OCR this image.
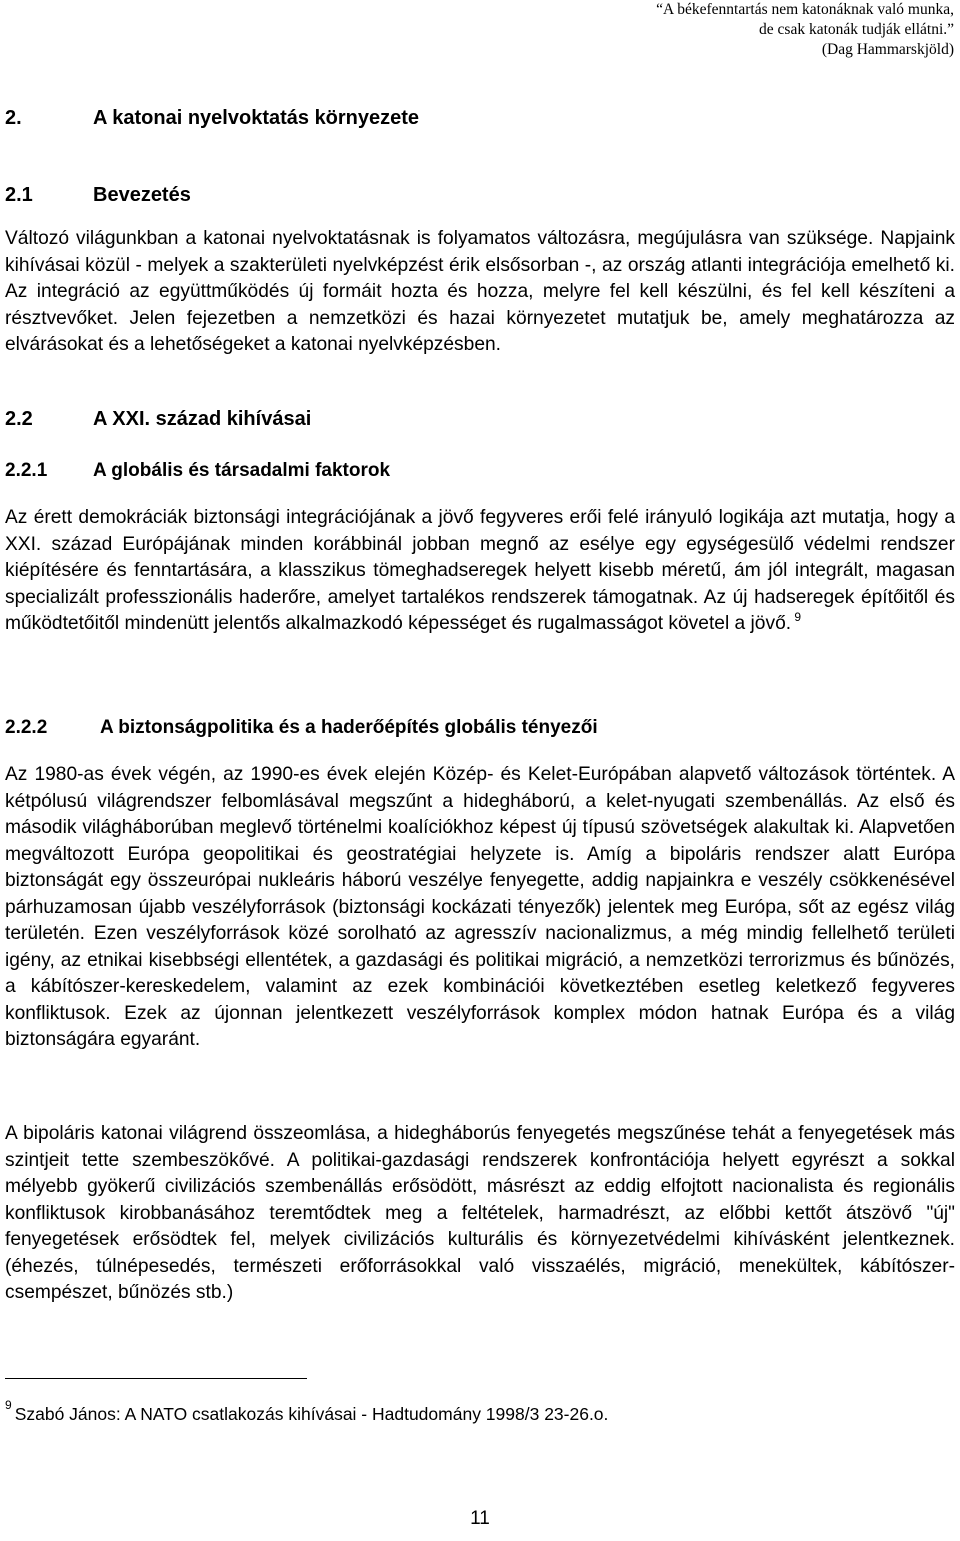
“A békefenntartás nem katonáknak való munka,
de csak katonák tudják ellátni.”
(Dag Hammarskjöld)
2.	A katonai nyelvoktatás környezete
2.1	Bevezetés
Változó világunkban a katonai nyelvoktatásnak is folyamatos változásra, megújulásra van szüksége. Napjaink kihívásai közül - melyek a szakterületi nyelvképzést érik elsősorban -, az ország atlanti integrációja emelhető ki. Az integráció az együttműködés új formáit hozta és hozza, melyre fel kell készülni, és fel kell készíteni a résztvevőket. Jelen fejezetben a nemzetközi és hazai környezetet mutatjuk be, amely meghatározza az elvárásokat és a lehetőségeket a katonai nyelvképzésben.
2.2	A XXI. század kihívásai
2.2.1 A globális és társadalmi faktorok
Az érett demokráciák biztonsági integrációjának a jövő fegyveres erői felé irányuló logikája azt mutatja, hogy a XXI. század Európájának minden korábbinál jobban megnő az esélye egy egységesülő védelmi rendszer kiépítésére és fenntartására, a klasszikus tömeghadseregek helyett kisebb méretű, ám jól integrált, magasan specializált professzionális haderőre, amelyet tartalékos rendszerek támogatnak. Az új hadseregek építőitől és működtetőitől mindenütt jelentős alkalmazkodó képességet és rugalmasságot követel a jövő. $^9$
2.2.2	A biztonságpolitika és a haderőépítés globális tényezői
Az 1980-as évek végén, az 1990-es évek elején Közép- és Kelet-Európában alapvető változások történtek. A kétpólusú világrendszer felbomlásával megszűnt a hidegháború, a kelet-nyugati szembenállás. Az első és második világháborúban meglevő történelmi koalíciókhoz képest új típusú szövetségek alakultak ki. Alapvetően megváltozott Európa geopolitikai és geostratégiai helyzete is. Amíg a bipoláris rendszer alatt Európa biztonságát egy összeurópai nukleáris háború veszélye fenyegette, addig napjainkra e veszély csökkenésével párhuzamosan újabb veszélyforrások (biztonsági kockázati tényezők) jelentek meg Európa, sőt az egész világ területén. Ezen veszélyforrások közé sorolható az agresszív nacionalizmus, a még mindig fellelhető területi igény, az etnikai kisebbségi ellentétek, a gazdasági és politikai migráció, a nemzetközi terrorizmus és bűnözés, a kábítószer-kereskedelem, valamint az ezek kombinációi következtében esetleg keletkező fegyveres konfliktusok. Ezek az újonnan jelentkezett veszélyforrások komplex módon hatnak Európa és a világ biztonságára egyaránt.
A bipoláris katonai világrend összeomlása, a hidegháborús fenyegetés megszűnése tehát a fenyegetések más szintjeit tette szembeszökővé. A politikai-gazdasági rendszerek konfrontációja helyett egyrészt a sokkal mélyebb gyökerű civilizációs szembenállás erősödött, másrészt az eddig elfojtott nacionalista és regionális konfliktusok kirobbanásához teremtődtek meg a feltételek, harmadrészt, az előbbi kettőt átszövő "új" fenyegetések erősödtek fel, melyek civilizációs kulturális és környezetvédelmi kihívásként jelentkeznek. (éhezés, túlnépesedés, természeti erőforrásokkal való visszaélés, migráció, menekültek, kábítószer-csempészet, bűnözés stb.)
$^9$ Szabó János: A NATO csatlakozás kihívásai - Hadtudomány 1998/3 23-26.o.
11
